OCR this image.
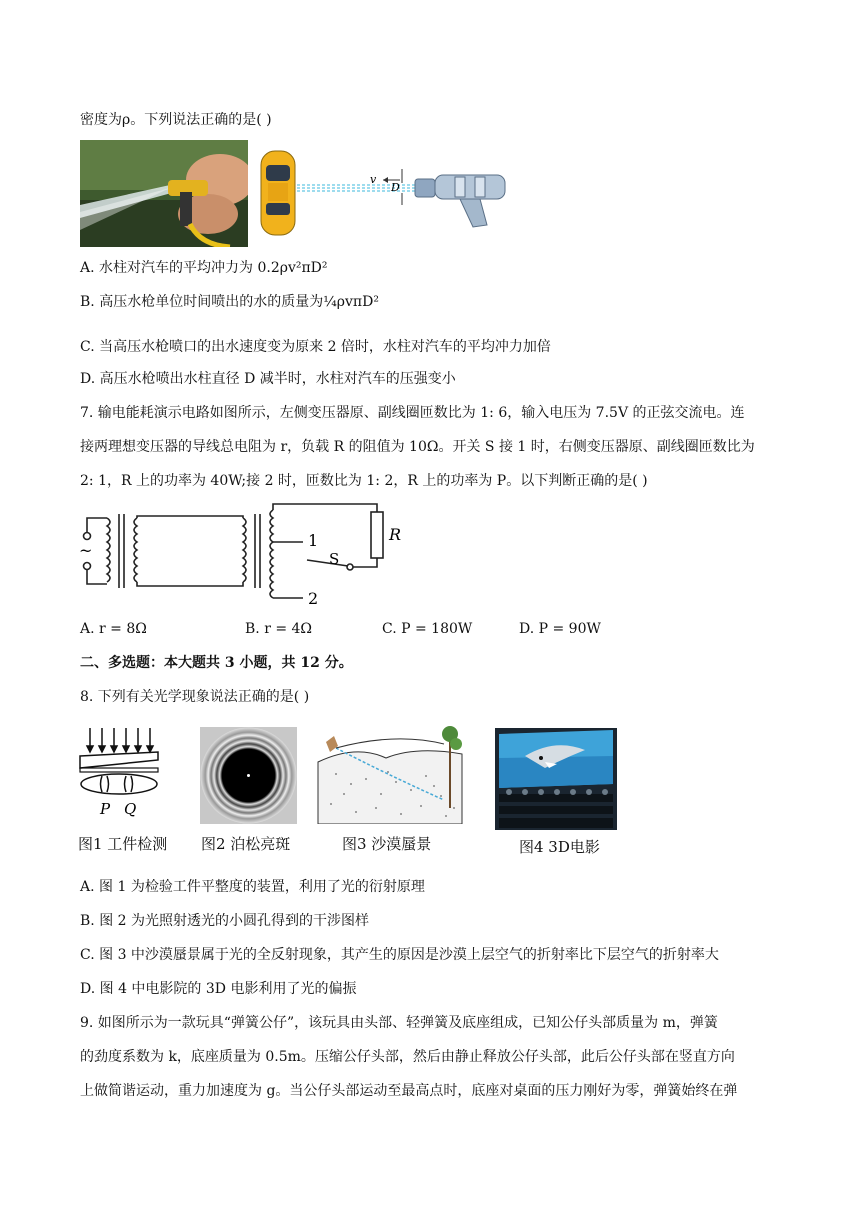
密度为ρ。下列说法正确的是( )
v
D
A. 水柱对汽车的平均冲力为 0.2ρv²πD²
B. 高压水枪单位时间喷出的水的质量为¼ρvπD²
C. 当高压水枪喷口的出水速度变为原来 2 倍时，水柱对汽车的平均冲力加倍
D. 高压水枪喷出水柱直径 D 减半时，水柱对汽车的压强变小
7. 输电能耗演示电路如图所示，左侧变压器原、副线圈匝数比为 1: 6，输入电压为 7.5V 的正弦交流电。连
接两理想变压器的导线总电阻为 r，负载 R 的阻值为 10Ω。开关 S 接 1 时，右侧变压器原、副线圈匝数比为
2: 1，R 上的功率为 40W;接 2 时，匝数比为 1: 2，R 上的功率为 P。以下判断正确的是( )
~
1
2
S
R
A. r = 8Ω	B. r = 4Ω	C. P = 180W	D. P = 90W
二、多选题：本大题共 3 小题，共 12 分。
8. 下列有关光学现象说法正确的是( )
P Q
图1 工件检测 图2 泊松亮斑	图3 沙漠蜃景	图4 3D电影
A. 图 1 为检验工件平整度的装置，利用了光的衍射原理
B. 图 2 为光照射透光的小圆孔得到的干涉图样
C. 图 3 中沙漠蜃景属于光的全反射现象，其产生的原因是沙漠上层空气的折射率比下层空气的折射率大
D. 图 4 中电影院的 3D 电影利用了光的偏振
9. 如图所示为一款玩具“弹簧公仔”，该玩具由头部、轻弹簧及底座组成，已知公仔头部质量为 m，弹簧
的劲度系数为 k，底座质量为 0.5m。压缩公仔头部，然后由静止释放公仔头部，此后公仔头部在竖直方向
上做简谐运动，重力加速度为 g。当公仔头部运动至最高点时，底座对桌面的压力刚好为零，弹簧始终在弹
